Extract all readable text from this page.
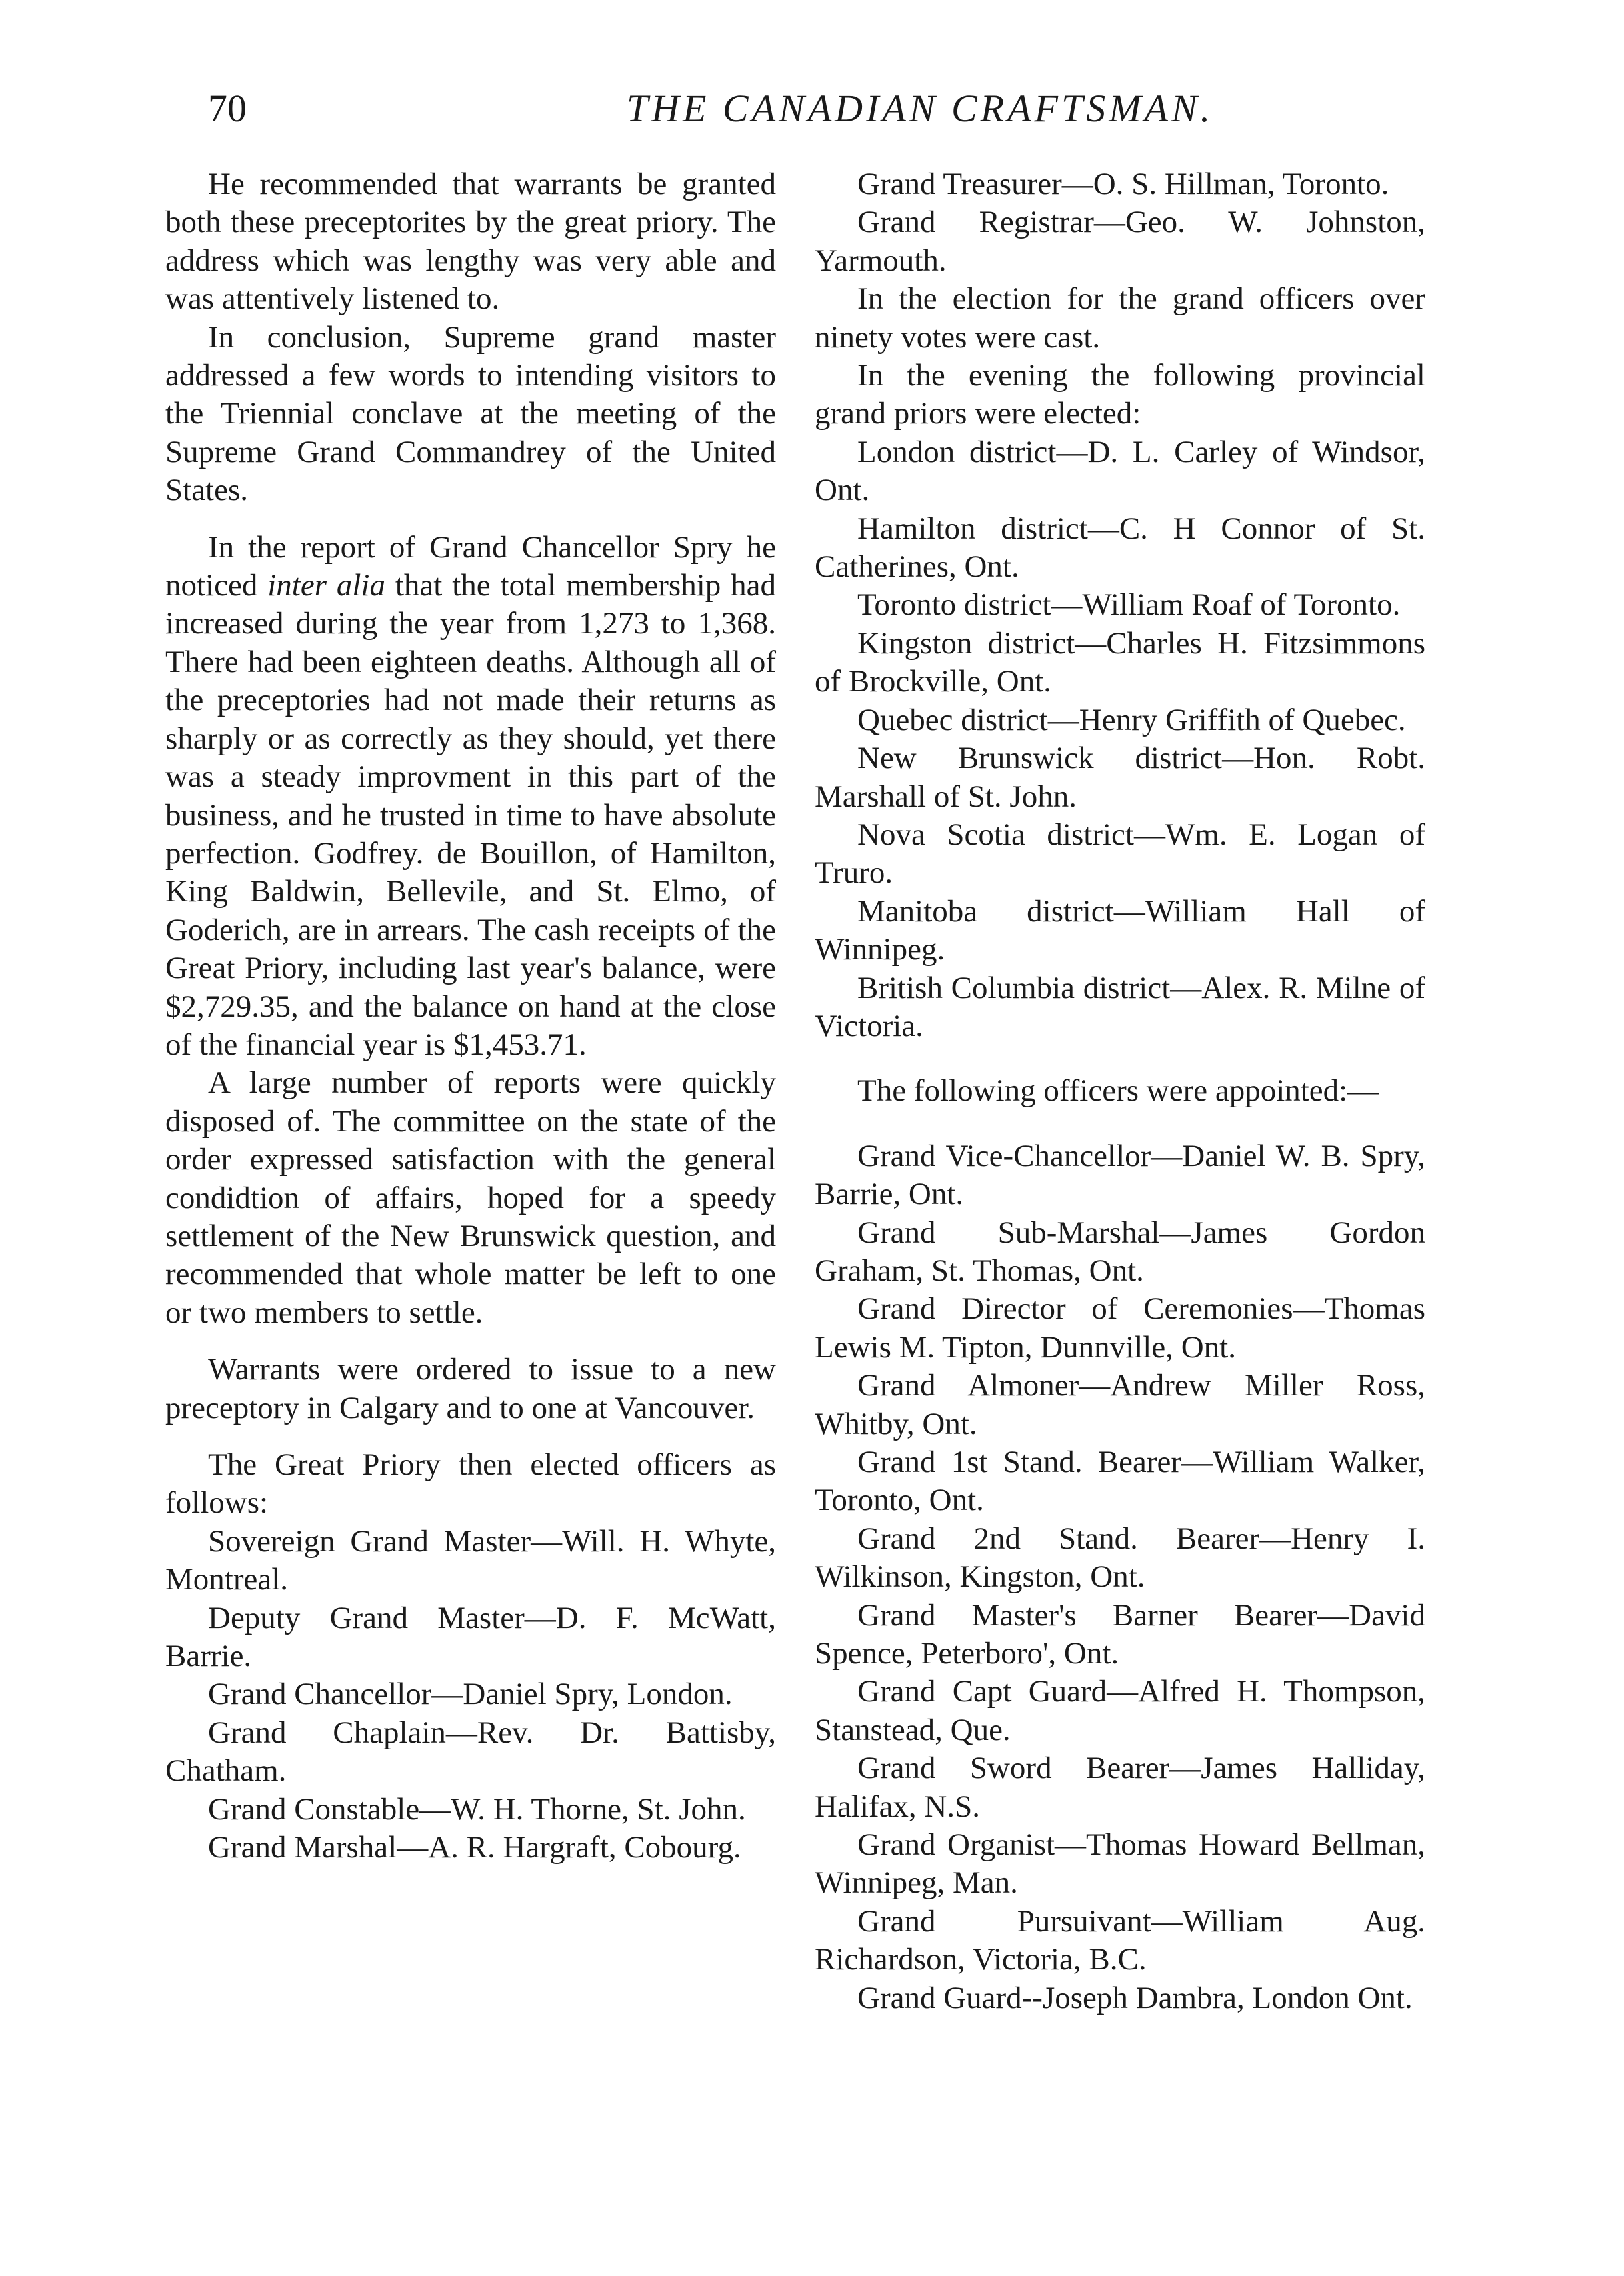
70	THE CANADIAN CRAFTSMAN.

He recommended that warrants be granted both these preceptorites by the great priory. The address which was lengthy was very able and was attentively listened to.

In conclusion, Supreme grand master addressed a few words to intending visitors to the Triennial conclave at the meeting of the Supreme Grand Commandrey of the United States.

In the report of Grand Chancellor Spry he noticed inter alia that the total membership had increased during the year from 1,273 to 1,368. There had been eighteen deaths. Although all of the preceptories had not made their returns as sharply or as correctly as they should, yet there was a steady improvment in this part of the business, and he trusted in time to have absolute perfection. Godfrey. de Bouillon, of Hamilton, King Baldwin, Bellevile, and St. Elmo, of Goderich, are in arrears. The cash receipts of the Great Priory, including last year's balance, were $2,729.35, and the balance on hand at the close of the financial year is $1,453.71.

A large number of reports were quickly disposed of. The committee on the state of the order expressed satisfaction with the general condidtion of affairs, hoped for a speedy settlement of the New Brunswick question, and recommended that whole matter be left to one or two members to settle.

Warrants were ordered to issue to a new preceptory in Calgary and to one at Vancouver.

The Great Priory then elected officers as follows:

Sovereign Grand Master—Will. H. Whyte, Montreal.

Deputy Grand Master—D. F. McWatt, Barrie.

Grand Chancellor—Daniel Spry, London.

Grand Chaplain—Rev. Dr. Battisby, Chatham.

Grand Constable—W. H. Thorne, St. John.

Grand Marshal—A. R. Hargraft, Cobourg.

Grand Treasurer—O. S. Hillman, Toronto.

Grand Registrar—Geo. W. Johnston, Yarmouth.

In the election for the grand officers over ninety votes were cast.

In the evening the following provincial grand priors were elected:

London district—D. L. Carley of Windsor, Ont.

Hamilton district—C. H Connor of St. Catherines, Ont.

Toronto district—William Roaf of Toronto.

Kingston district—Charles H. Fitzsimmons of Brockville, Ont.

Quebec district—Henry Griffith of Quebec.

New Brunswick district—Hon. Robt. Marshall of St. John.

Nova Scotia district—Wm. E. Logan of Truro.

Manitoba district—William Hall of Winnipeg.

British Columbia district—Alex. R. Milne of Victoria.

The following officers were appointed:—

Grand Vice-Chancellor—Daniel W. B. Spry, Barrie, Ont.

Grand Sub-Marshal—James Gordon Graham, St. Thomas, Ont.

Grand Director of Ceremonies—Thomas Lewis M. Tipton, Dunnville, Ont.

Grand Almoner—Andrew Miller Ross, Whitby, Ont.

Grand 1st Stand. Bearer—William Walker, Toronto, Ont.

Grand 2nd Stand. Bearer—Henry I. Wilkinson, Kingston, Ont.

Grand Master's Barner Bearer—David Spence, Peterboro', Ont.

Grand Capt Guard—Alfred H. Thompson, Stanstead, Que.

Grand Sword Bearer—James Halliday, Halifax, N.S.

Grand Organist—Thomas Howard Bellman, Winnipeg, Man.

Grand Pursuivant—William Aug. Richardson, Victoria, B.C.

Grand Guard--Joseph Dambra, London Ont.
